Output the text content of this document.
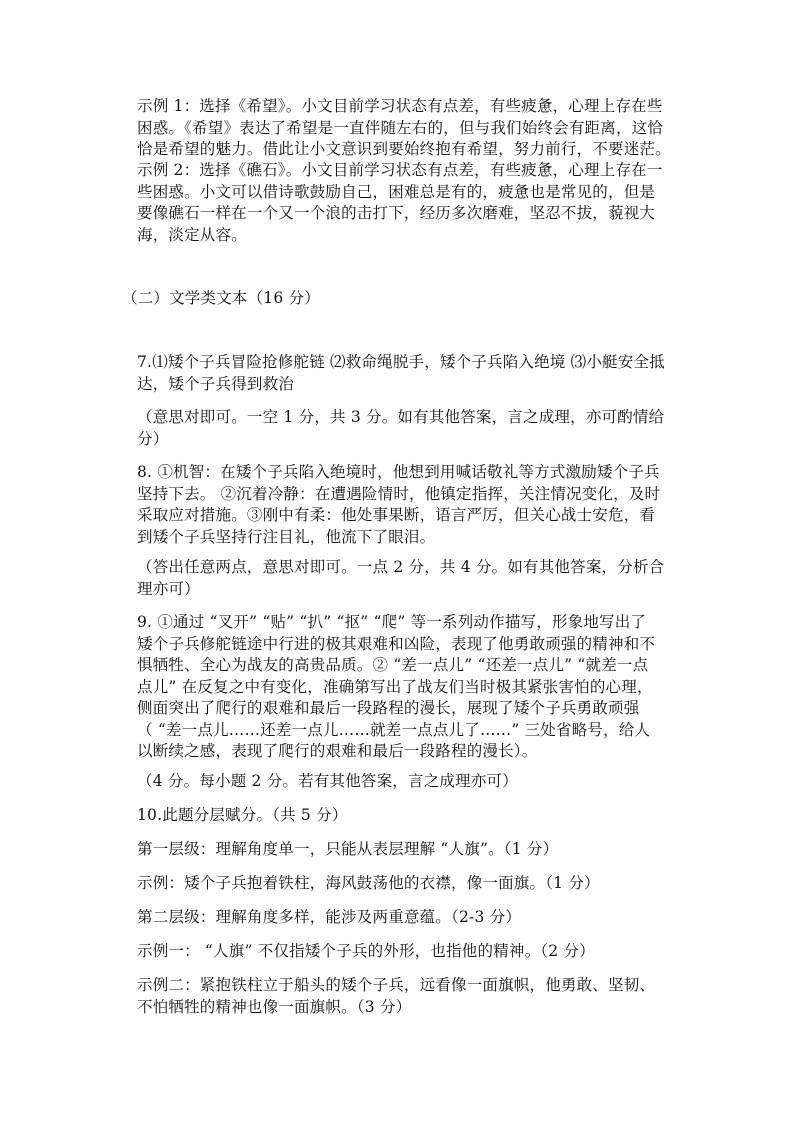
示例 1：选择《希望》。小文目前学习状态有点差，有些疲惫，心理上存在些
困惑。《希望》表达了希望是一直伴随左右的，但与我们始终会有距离，这恰
恰是希望的魅力。借此让小文意识到要始终抱有希望，努力前行，不要迷茫。
示例 2：选择《礁石》。小文目前学习状态有点差，有些疲惫，心理上存在一
些困惑。小文可以借诗歌鼓励自己，困难总是有的，疲惫也是常见的，但是
要像礁石一样在一个又一个浪的击打下，经历多次磨难，坚忍不拔，藐视大
海，淡定从容。
（二）文学类文本（16 分）
7.⑴矮个子兵冒险抢修舵链 ⑵救命绳脱手，矮个子兵陷入绝境 ⑶小艇安全抵
达，矮个子兵得到救治
（意思对即可。一空 1 分，共 3 分。如有其他答案，言之成理，亦可酌情给
分）
8. ①机智：在矮个子兵陷入绝境时，他想到用喊话敬礼等方式激励矮个子兵
坚持下去。 ②沉着冷静：在遭遇险情时，他镇定指挥，关注情况变化，及时
采取应对措施。③刚中有柔：他处事果断，语言严厉，但关心战士安危，看
到矮个子兵坚持行注目礼，他流下了眼泪。
（答出任意两点，意思对即可。一点 2 分，共 4 分。如有其他答案，分析合
理亦可）
9. ①通过 “叉开” “贴” “扒” “抠” “爬” 等一系列动作描写，形象地写出了
矮个子兵修舵链途中行进的极其艰难和凶险，表现了他勇敢顽强的精神和不
惧牺牲、全心为战友的高贵品质。② “差一点儿” “还差一点儿” “就差一点
点儿” 在反复之中有变化，准确第写出了战友们当时极其紧张害怕的心理，
侧面突出了爬行的艰难和最后一段路程的漫长，展现了矮个子兵勇敢顽强
（ “差一点儿……还差一点儿……就差一点点儿了……” 三处省略号，给人
以断续之感，表现了爬行的艰难和最后一段路程的漫长）。
（4 分。每小题 2 分。若有其他答案，言之成理亦可）
10.此题分层赋分。（共 5 分）
第一层级：理解角度单一，只能从表层理解 “人旗”。（1 分）
示例：矮个子兵抱着铁柱，海风鼓荡他的衣襟，像一面旗。（1 分）
第二层级：理解角度多样，能涉及两重意蕴。（2-3 分）
示例一： “人旗” 不仅指矮个子兵的外形，也指他的精神。（2 分）
示例二：紧抱铁柱立于船头的矮个子兵，远看像一面旗帜，他勇敢、坚韧、
不怕牺牲的精神也像一面旗帜。（3 分）
